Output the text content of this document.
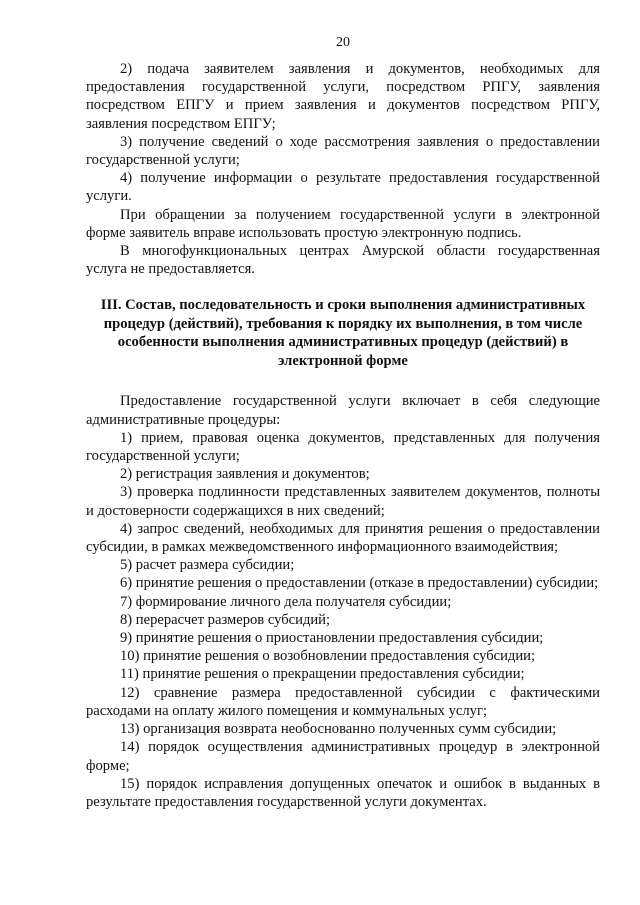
20

2) подача заявителем заявления и документов, необходимых для предоставления государственной услуги, посредством РПГУ, заявления посредством ЕПГУ и прием заявления и документов посредством РПГУ, заявления посредством ЕПГУ;

3) получение сведений о ходе рассмотрения заявления о предоставлении государственной услуги;

4) получение информации о результате предоставления государственной услуги.

При обращении за получением государственной услуги в электронной форме заявитель вправе использовать простую электронную подпись.

В многофункциональных центрах Амурской области государственная услуга не предоставляется.

III. Состав, последовательность и сроки выполнения административных процедур (действий), требования к порядку их выполнения, в том числе особенности выполнения административных процедур (действий) в электронной форме

Предоставление государственной услуги включает в себя следующие административные процедуры:

1) прием, правовая оценка документов, представленных для получения государственной услуги;

2) регистрация заявления и документов;

3) проверка подлинности представленных заявителем документов, полноты и достоверности содержащихся в них сведений;

4) запрос сведений, необходимых для принятия решения о предоставлении субсидии, в рамках межведомственного информационного взаимодействия;

5) расчет размера субсидии;

6) принятие решения о предоставлении (отказе в предоставлении) субсидии;

7) формирование личного дела получателя субсидии;

8) перерасчет размеров субсидий;

9) принятие решения о приостановлении предоставления субсидии;

10) принятие решения о возобновлении предоставления субсидии;

11) принятие решения о прекращении предоставления субсидии;

12) сравнение размера предоставленной субсидии с фактическими расходами на оплату жилого помещения и коммунальных услуг;

13) организация возврата необоснованно полученных сумм субсидии;

14) порядок осуществления административных процедур в электронной форме;

15) порядок исправления допущенных опечаток и ошибок в выданных в результате предоставления государственной услуги документах.
